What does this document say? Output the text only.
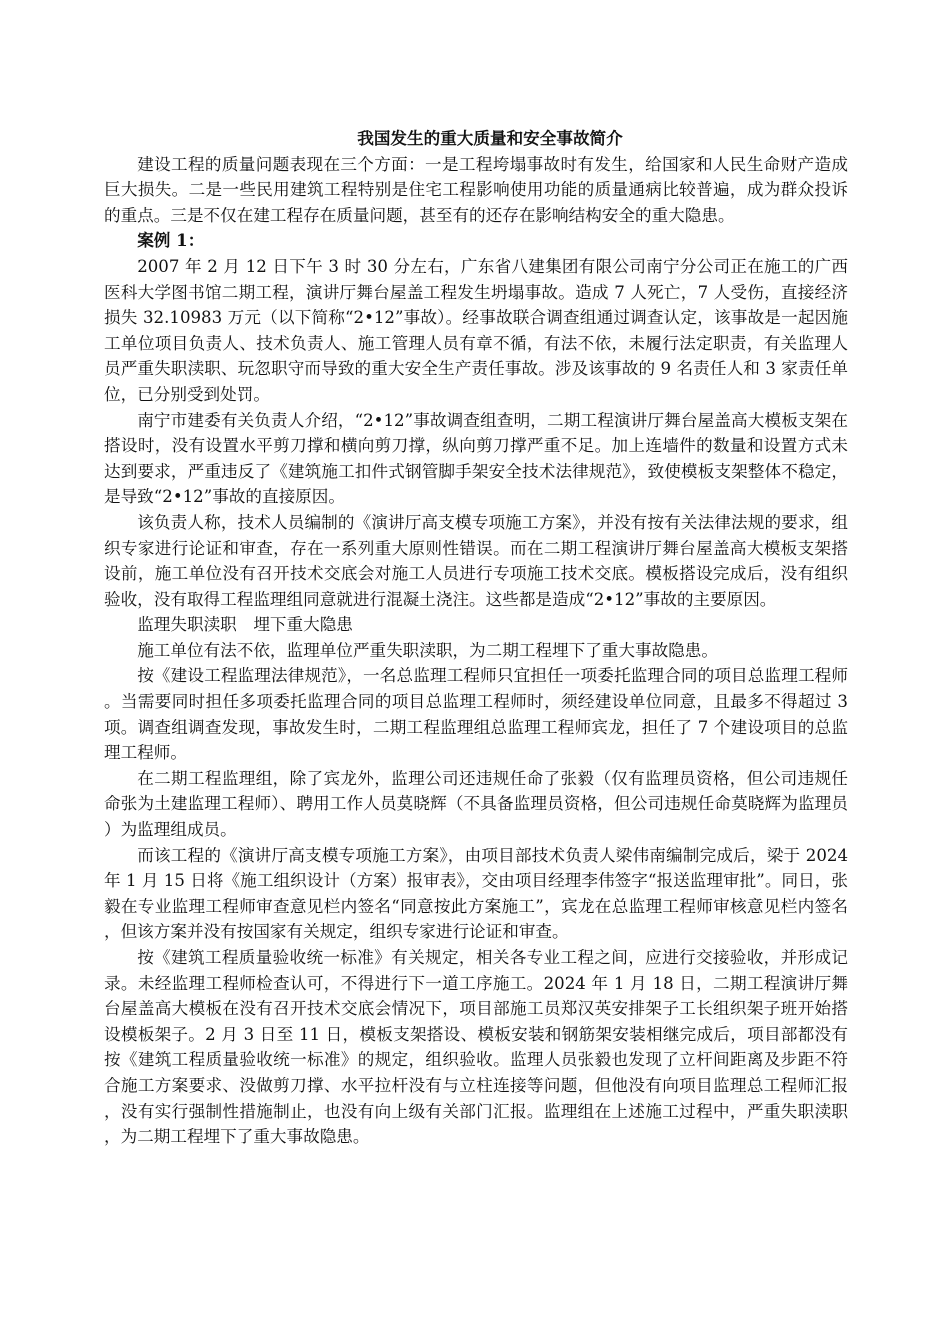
我国发生的重大质量和安全事故简介

建设工程的质量问题表现在三个方面：一是工程垮塌事故时有发生，给国家和人民生命财产造成巨大损失。二是一些民用建筑工程特别是住宅工程影响使用功能的质量通病比较普遍，成为群众投诉的重点。三是不仅在建工程存在质量问题，甚至有的还存在影响结构安全的重大隐患。

案例 1：

2007 年 2 月 12 日下午 3 时 30 分左右，广东省八建集团有限公司南宁分公司正在施工的广西医科大学图书馆二期工程，演讲厅舞台屋盖工程发生坍塌事故。造成 7 人死亡，7 人受伤，直接经济损失 32.10983 万元（以下简称“2•12”事故）。经事故联合调查组通过调查认定，该事故是一起因施工单位项目负责人、技术负责人、施工管理人员有章不循，有法不依，未履行法定职责，有关监理人员严重失职渎职、玩忽职守而导致的重大安全生产责任事故。涉及该事故的 9 名责任人和 3 家责任单位，已分别受到处罚。

南宁市建委有关负责人介绍，“2•12”事故调查组查明，二期工程演讲厅舞台屋盖高大模板支架在搭设时，没有设置水平剪刀撑和横向剪刀撑，纵向剪刀撑严重不足。加上连墙件的数量和设置方式未达到要求，严重违反了《建筑施工扣件式钢管脚手架安全技术法律规范》，致使模板支架整体不稳定，是导致“2•12”事故的直接原因。

该负责人称，技术人员编制的《演讲厅高支模专项施工方案》，并没有按有关法律法规的要求，组织专家进行论证和审查，存在一系列重大原则性错误。而在二期工程演讲厅舞台屋盖高大模板支架搭设前，施工单位没有召开技术交底会对施工人员进行专项施工技术交底。模板搭设完成后，没有组织验收，没有取得工程监理组同意就进行混凝土浇注。这些都是造成“2•12”事故的主要原因。

监理失职渎职　埋下重大隐患

施工单位有法不依，监理单位严重失职渎职，为二期工程埋下了重大事故隐患。

按《建设工程监理法律规范》，一名总监理工程师只宜担任一项委托监理合同的项目总监理工程师。当需要同时担任多项委托监理合同的项目总监理工程师时，须经建设单位同意，且最多不得超过 3 项。调查组调查发现，事故发生时，二期工程监理组总监理工程师宾龙，担任了 7 个建设项目的总监理工程师。

在二期工程监理组，除了宾龙外，监理公司还违规任命了张毅（仅有监理员资格，但公司违规任命张为土建监理工程师）、聘用工作人员莫晓辉（不具备监理员资格，但公司违规任命莫晓辉为监理员）为监理组成员。

而该工程的《演讲厅高支模专项施工方案》，由项目部技术负责人梁伟南编制完成后，梁于 2024 年 1 月 15 日将《施工组织设计（方案）报审表》，交由项目经理李伟签字“报送监理审批”。同日，张毅在专业监理工程师审查意见栏内签名“同意按此方案施工”，宾龙在总监理工程师审核意见栏内签名，但该方案并没有按国家有关规定，组织专家进行论证和审查。

按《建筑工程质量验收统一标准》有关规定，相关各专业工程之间，应进行交接验收，并形成记录。未经监理工程师检查认可，不得进行下一道工序施工。2024 年 1 月 18 日，二期工程演讲厅舞台屋盖高大模板在没有召开技术交底会情况下，项目部施工员郑汉英安排架子工长组织架子班开始搭设模板架子。2 月 3 日至 11 日，模板支架搭设、模板安装和钢筋架安装相继完成后，项目部都没有按《建筑工程质量验收统一标准》的规定，组织验收。监理人员张毅也发现了立杆间距离及步距不符合施工方案要求、没做剪刀撑、水平拉杆没有与立柱连接等问题，但他没有向项目监理总工程师汇报，没有实行强制性措施制止，也没有向上级有关部门汇报。监理组在上述施工过程中，严重失职渎职，为二期工程埋下了重大事故隐患。
